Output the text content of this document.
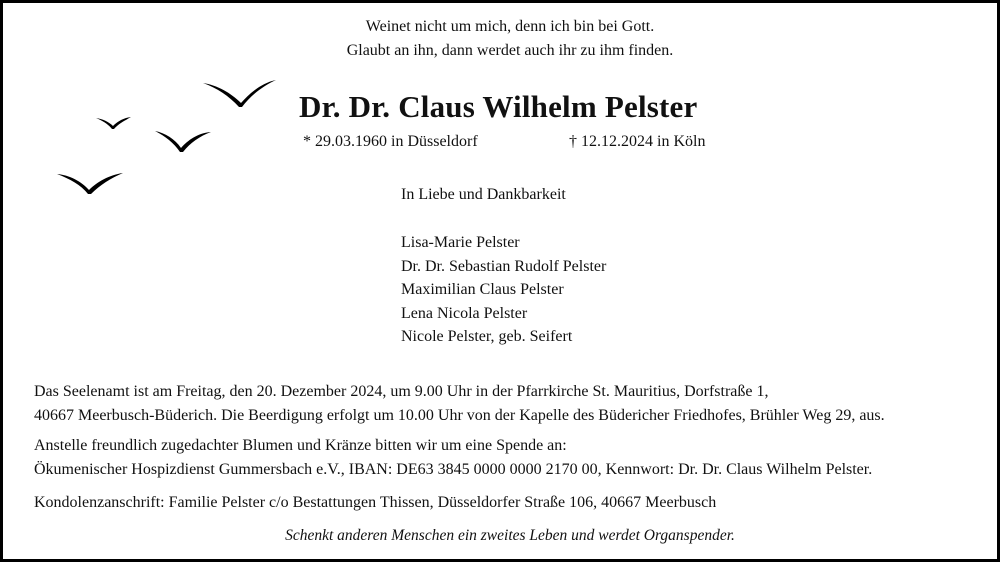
Weinet nicht um mich, denn ich bin bei Gott.
Glaubt an ihn, dann werdet auch ihr zu ihm finden.
Dr. Dr. Claus Wilhelm Pelster
* 29.03.1960 in Düsseldorf	† 12.12.2024 in Köln
In Liebe und Dankbarkeit
Lisa-Marie Pelster
Dr. Dr. Sebastian Rudolf Pelster
Maximilian Claus Pelster
Lena Nicola Pelster
Nicole Pelster, geb. Seifert
Das Seelenamt ist am Freitag, den 20. Dezember 2024, um 9.00 Uhr in der Pfarrkirche St. Mauritius, Dorfstraße 1,
40667 Meerbusch-Büderich. Die Beerdigung erfolgt um 10.00 Uhr von der Kapelle des Büdericher Friedhofes, Brühler Weg 29, aus.
Anstelle freundlich zugedachter Blumen und Kränze bitten wir um eine Spende an:
Ökumenischer Hospizdienst Gummersbach e.V., IBAN: DE63 3845 0000 0000 2170 00, Kennwort: Dr. Dr. Claus Wilhelm Pelster.
Kondolenzanschrift: Familie Pelster c/o Bestattungen Thissen, Düsseldorfer Straße 106, 40667 Meerbusch
Schenkt anderen Menschen ein zweites Leben und werdet Organspender.
